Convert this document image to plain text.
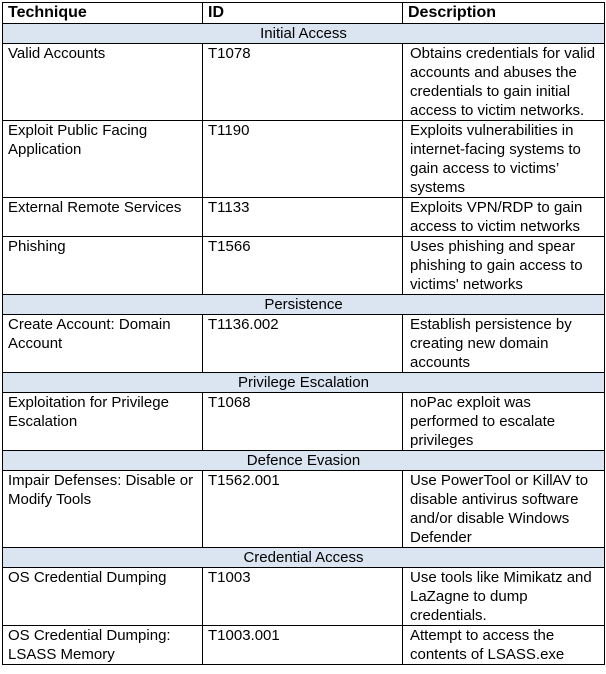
Technique	ID	Description
Initial Access		
Valid Accounts	T1078	Obtains credentials for valid accounts and abuses the credentials to gain initial access to victim networks.
Exploit Public Facing Application	T1190	Exploits vulnerabilities in internet-facing systems to gain access to victims’ systems
External Remote Services	T1133	Exploits VPN/RDP to gain access to victim networks
Phishing	T1566	Uses phishing and spear phishing to gain access to victims' networks
Persistence		
Create Account: Domain Account	T1136.002	Establish persistence by creating new domain accounts
Privilege Escalation		
Exploitation for Privilege Escalation	T1068	noPac exploit was performed to escalate privileges
Defence Evasion		
Impair Defenses: Disable or Modify Tools	T1562.001	Use PowerTool or KillAV to disable antivirus software and/or disable Windows Defender
Credential Access		
OS Credential Dumping	T1003	Use tools like Mimikatz and LaZagne to dump credentials.
OS Credential Dumping: LSASS Memory	T1003.001	Attempt to access the contents of LSASS.exe
